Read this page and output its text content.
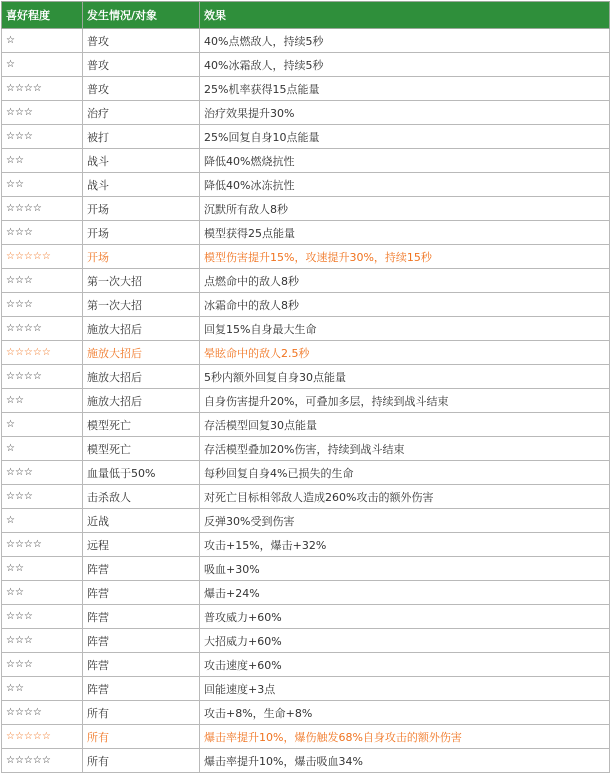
喜好程度	发生情况/对象	效果
☆	普攻	40%点燃敌人，持续5秒
☆	普攻	40%冰霜敌人，持续5秒
☆☆☆☆	普攻	25%机率获得15点能量
☆☆☆	治疗	治疗效果提升30%
☆☆☆	被打	25%回复自身10点能量
☆☆	战斗	降低40%燃烧抗性
☆☆	战斗	降低40%冰冻抗性
☆☆☆☆	开场	沉默所有敌人8秒
☆☆☆	开场	模型获得25点能量
☆☆☆☆☆	开场	模型伤害提升15%，攻速提升30%，持续15秒
☆☆☆	第一次大招	点燃命中的敌人8秒
☆☆☆	第一次大招	冰霜命中的敌人8秒
☆☆☆☆	施放大招后	回复15%自身最大生命
☆☆☆☆☆	施放大招后	晕眩命中的敌人2.5秒
☆☆☆☆	施放大招后	5秒内额外回复自身30点能量
☆☆	施放大招后	自身伤害提升20%，可叠加多层，持续到战斗结束
☆	模型死亡	存活模型回复30点能量
☆	模型死亡	存活模型叠加20%伤害，持续到战斗结束
☆☆☆	血量低于50%	每秒回复自身4%已损失的生命
☆☆☆	击杀敌人	对死亡目标相邻敌人造成260%攻击的额外伤害
☆	近战	反弹30%受到伤害
☆☆☆☆	远程	攻击+15%，爆击+32%
☆☆	阵营	吸血+30%
☆☆	阵营	爆击+24%
☆☆☆	阵营	普攻威力+60%
☆☆☆	阵营	大招威力+60%
☆☆☆	阵营	攻击速度+60%
☆☆	阵营	回能速度+3点
☆☆☆☆	所有	攻击+8%，生命+8%
☆☆☆☆☆	所有	爆击率提升10%，爆伤触发68%自身攻击的额外伤害
☆☆☆☆☆	所有	爆击率提升10%，爆击吸血34%
